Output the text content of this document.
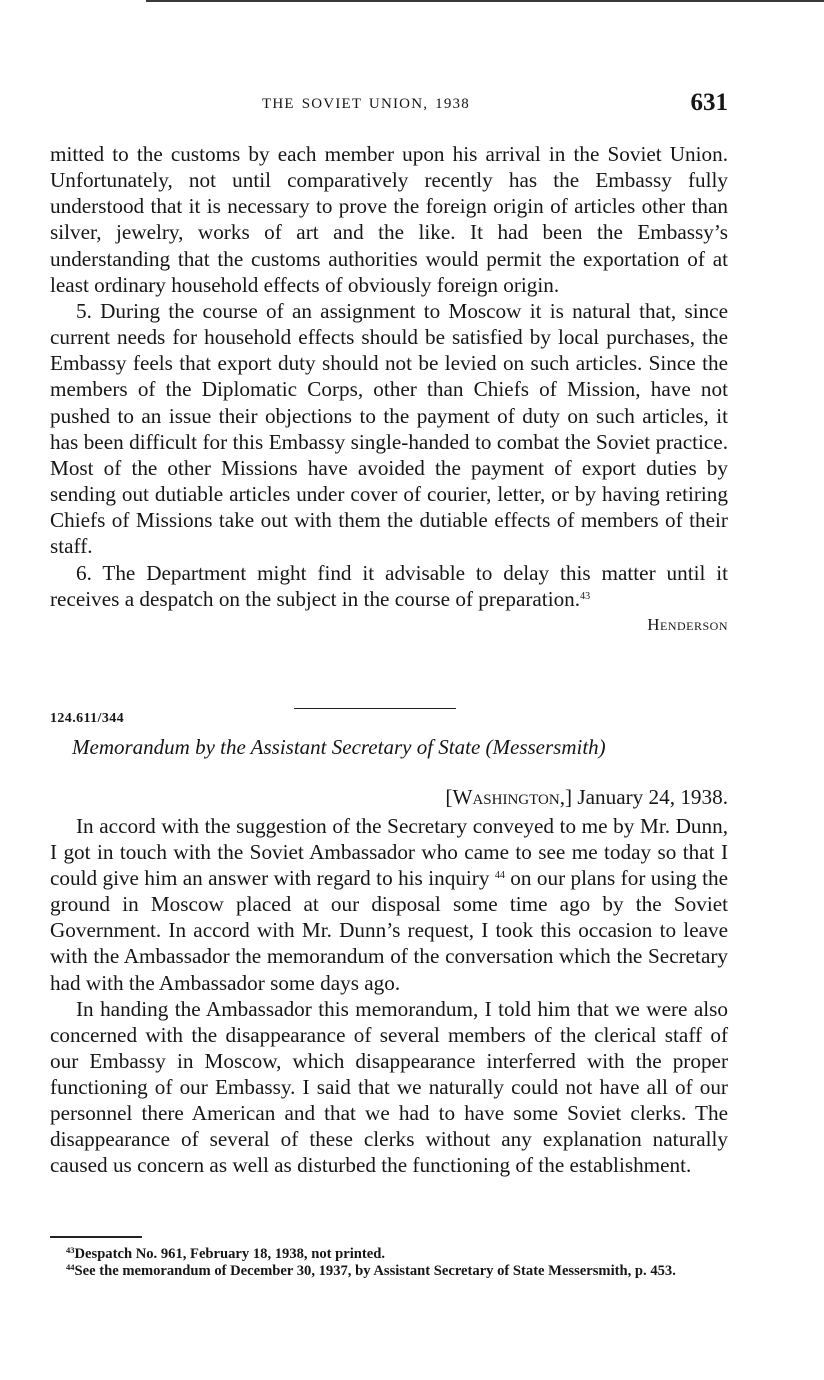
THE SOVIET UNION, 1938	631

mitted to the customs by each member upon his arrival in the Soviet Union. Unfortunately, not until comparatively recently has the Embassy fully understood that it is necessary to prove the foreign origin of articles other than silver, jewelry, works of art and the like. It had been the Embassy’s understanding that the customs authorities would permit the exportation of at least ordinary household effects of obviously foreign origin.

5. During the course of an assignment to Moscow it is natural that, since current needs for household effects should be satisfied by local purchases, the Embassy feels that export duty should not be levied on such articles. Since the members of the Diplomatic Corps, other than Chiefs of Mission, have not pushed to an issue their objections to the payment of duty on such articles, it has been difficult for this Embassy single-handed to combat the Soviet practice. Most of the other Missions have avoided the payment of export duties by sending out dutiable articles under cover of courier, letter, or by having retiring Chiefs of Missions take out with them the dutiable effects of members of their staff.

6. The Department might find it advisable to delay this matter until it receives a despatch on the subject in the course of preparation.$^{43}$

Henderson

124.611/344
Memorandum by the Assistant Secretary of State (Messersmith)
[Washington,] January 24, 1938.

In accord with the suggestion of the Secretary conveyed to me by Mr. Dunn, I got in touch with the Soviet Ambassador who came to see me today so that I could give him an answer with regard to his inquiry $^{44}$ on our plans for using the ground in Moscow placed at our disposal some time ago by the Soviet Government. In accord with Mr. Dunn’s request, I took this occasion to leave with the Ambassador the memorandum of the conversation which the Secretary had with the Ambassador some days ago.

In handing the Ambassador this memorandum, I told him that we were also concerned with the disappearance of several members of the clerical staff of our Embassy in Moscow, which disappearance interferred with the proper functioning of our Embassy. I said that we naturally could not have all of our personnel there American and that we had to have some Soviet clerks. The disappearance of several of these clerks without any explanation naturally caused us concern as well as disturbed the functioning of the establishment.

$^{43}$Despatch No. 961, February 18, 1938, not printed.

$^{44}$See the memorandum of December 30, 1937, by Assistant Secretary of State Messersmith, p. 453.
